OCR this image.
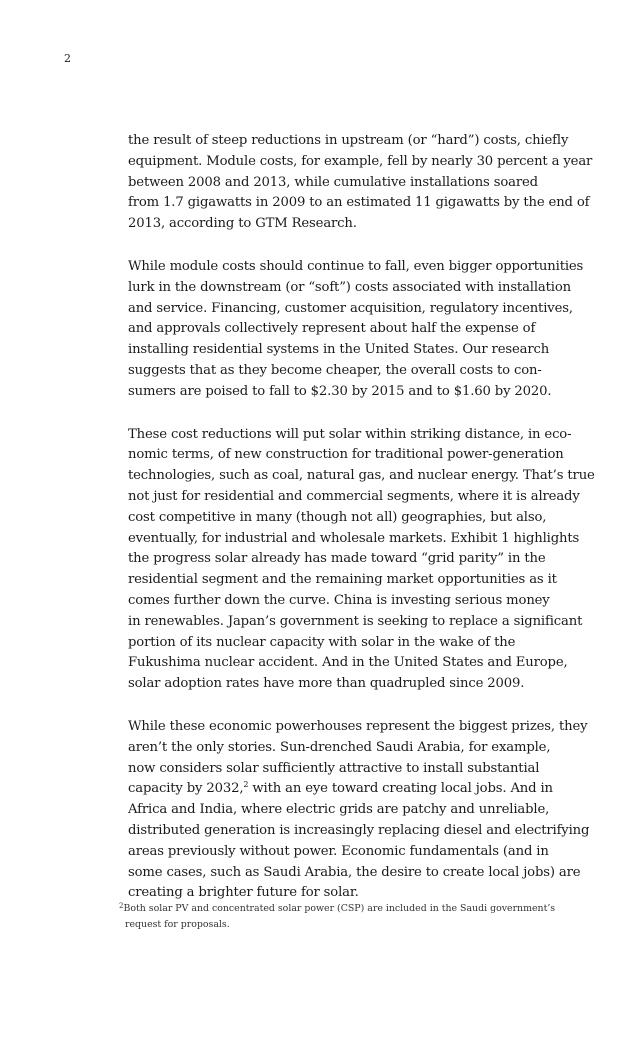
2

the result of steep reductions in upstream (or “hard”) costs, chiefly
equipment. Module costs, for example, fell by nearly 30 percent a year
between 2008 and 2013, while cumulative installations soared
from 1.7 gigawatts in 2009 to an estimated 11 gigawatts by the end of
2013, according to GTM Research.

While module costs should continue to fall, even bigger opportunities
lurk in the downstream (or “soft”) costs associated with installation
and service. Financing, customer acquisition, regulatory incentives,
and approvals collectively represent about half the expense of
installing residential systems in the United States. Our research
suggests that as they become cheaper, the overall costs to con-
sumers are poised to fall to $2.30 by 2015 and to $1.60 by 2020.

These cost reductions will put solar within striking distance, in eco-
nomic terms, of new construction for traditional power-generation
technologies, such as coal, natural gas, and nuclear energy. That’s true
not just for residential and commercial segments, where it is already
cost competitive in many (though not all) geographies, but also,
eventually, for industrial and wholesale markets. Exhibit 1 highlights
the progress solar already has made toward “grid parity” in the
residential segment and the remaining market opportunities as it
comes further down the curve. China is investing serious money
in renewables. Japan’s government is seeking to replace a significant
portion of its nuclear capacity with solar in the wake of the
Fukushima nuclear accident. And in the United States and Europe,
solar adoption rates have more than quadrupled since 2009.

While these economic powerhouses represent the biggest prizes, they
aren’t the only stories. Sun-drenched Saudi Arabia, for example,
now considers solar sufficiently attractive to install substantial
capacity by 2032,$^2$ with an eye toward creating local jobs. And in
Africa and India, where electric grids are patchy and unreliable,
distributed generation is increasingly replacing diesel and electrifying
areas previously without power. Economic fundamentals (and in
some cases, such as Saudi Arabia, the desire to create local jobs) are
creating a brighter future for solar.

$^2$Both solar PV and concentrated solar power (CSP) are included in the Saudi government’s
request for proposals.
